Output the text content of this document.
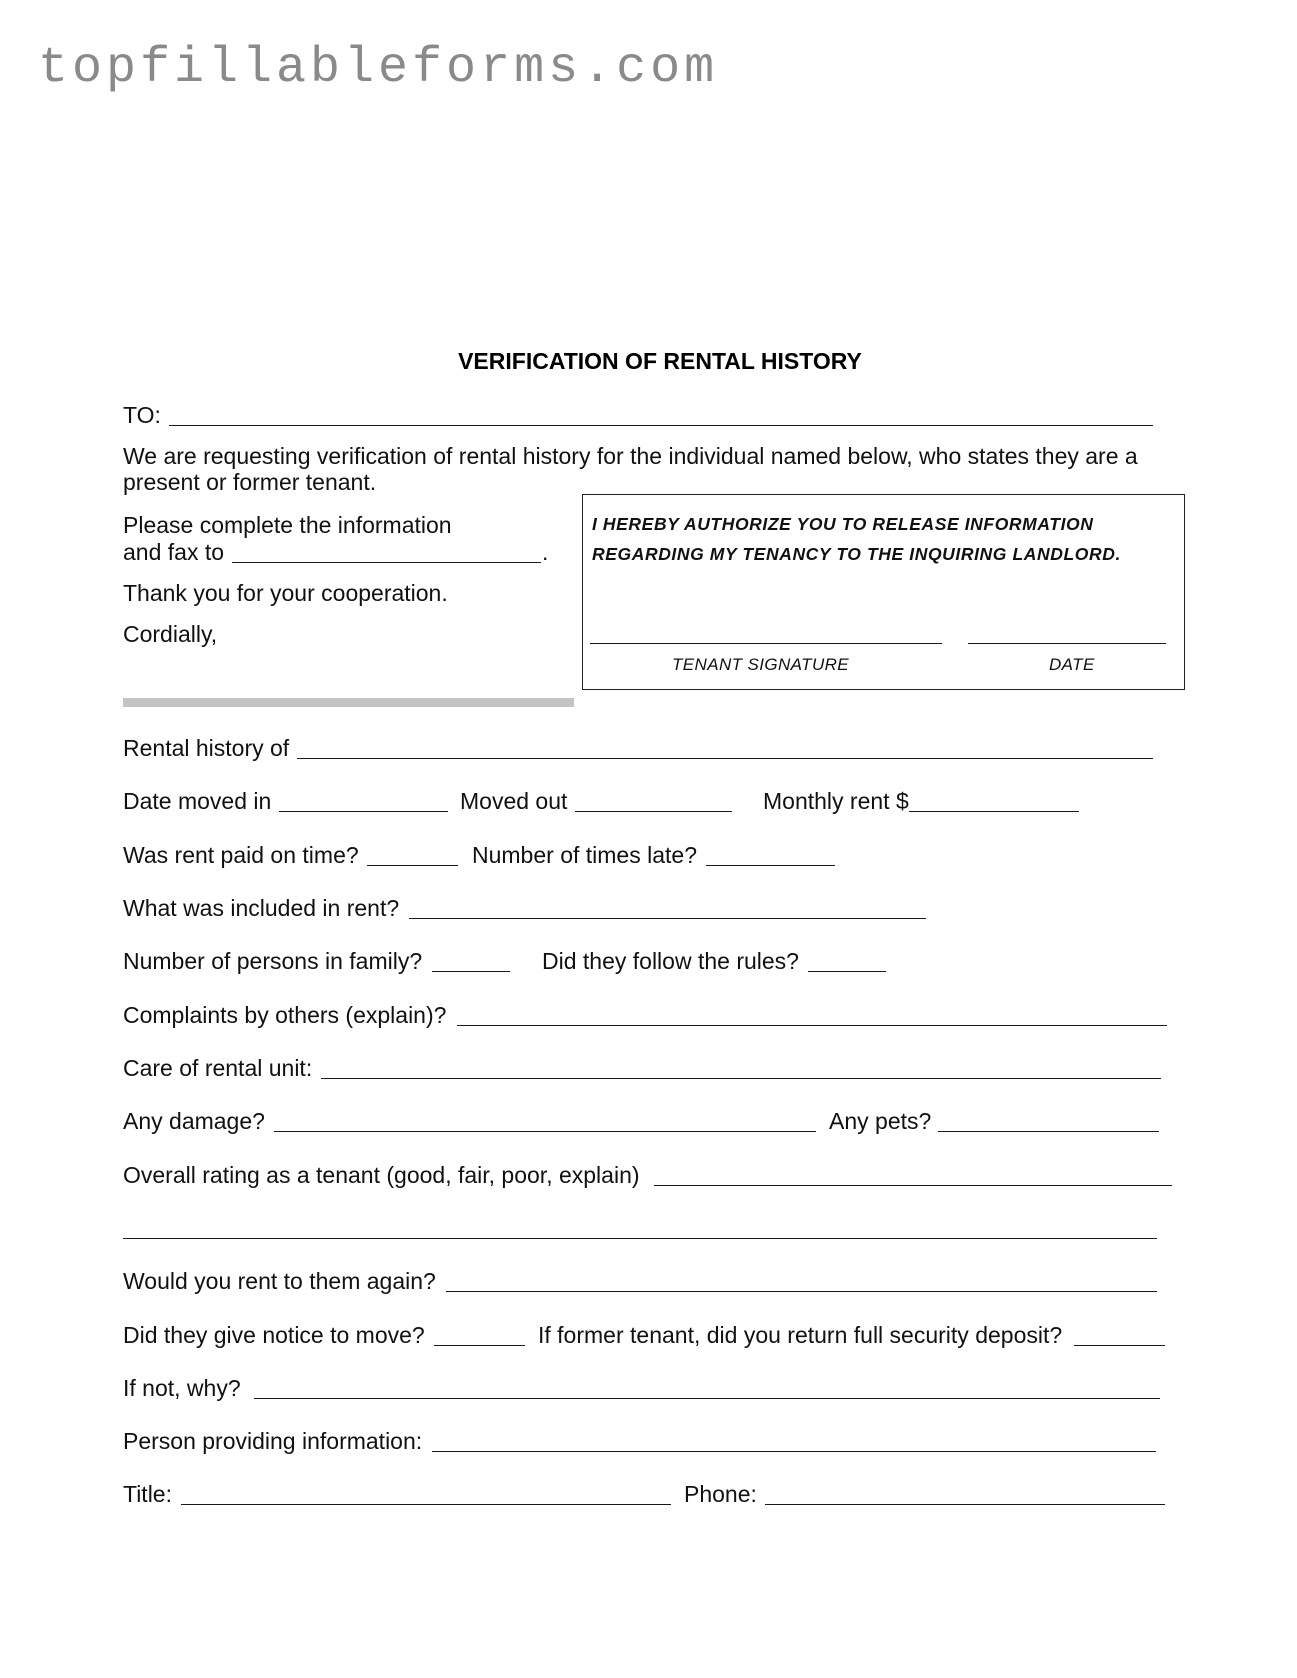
topfillableforms.com
VERIFICATION OF RENTAL HISTORY
TO:
We are requesting verification of rental history for the individual named below, who states they are a present or former tenant.
Please complete the information
and fax to	.
Thank you for your cooperation.
Cordially,
I HEREBY AUTHORIZE YOU TO RELEASE INFORMATION
REGARDING MY TENANCY TO THE INQUIRING LANDLORD.
TENANT SIGNATURE	DATE
Rental history of
Date moved in	Moved out	Monthly rent $
Was rent paid on time?	Number of times late?
What was included in rent?
Number of persons in family?	Did they follow the rules?
Complaints by others (explain)?
Care of rental unit:
Any damage?	Any pets?
Overall rating as a tenant (good, fair, poor, explain)
Would you rent to them again?
Did they give notice to move?	If former tenant, did you return full security deposit?
If not, why?
Person providing information:
Title:	Phone:
